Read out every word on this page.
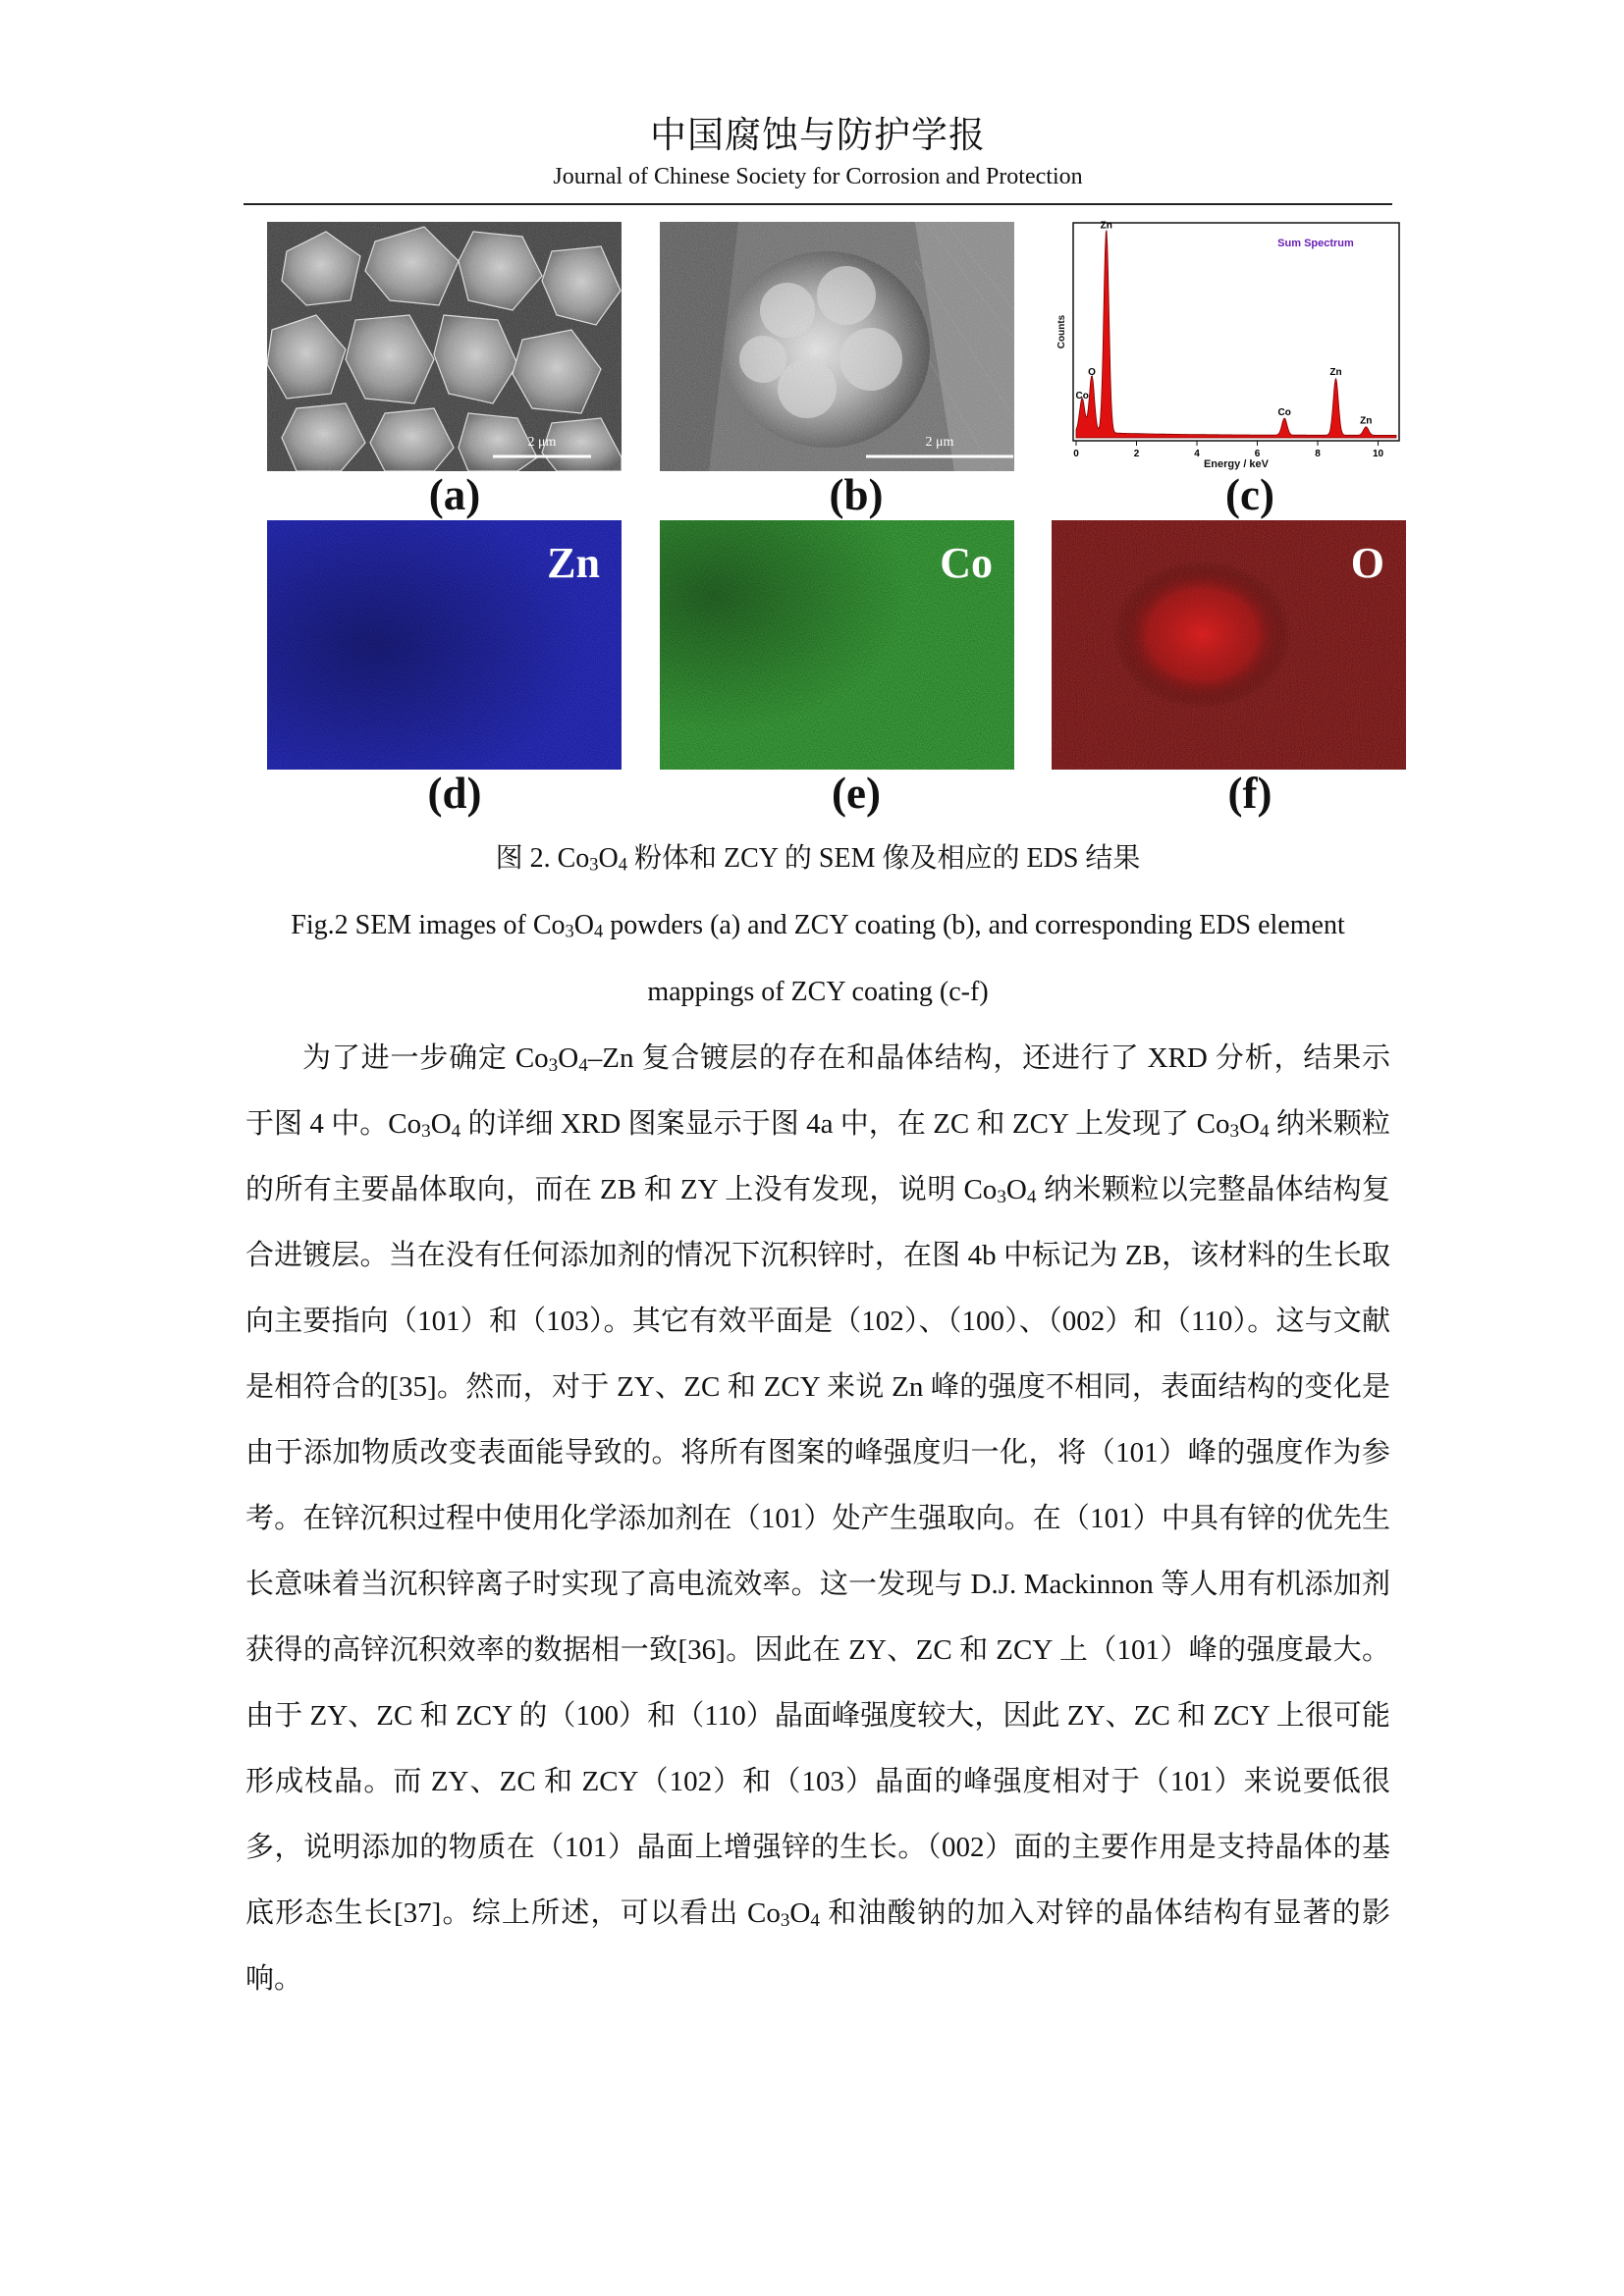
中国腐蚀与防护学报
Journal of Chinese Society for Corrosion and Protection
2 μm
(a)
2 μm
(b)
Sum Spectrum
Counts
Energy / keV
0	2	4	6	8	10
Co
O
Zn
Co
Zn
Zn
(c)
Zn
(d)
Co
(e)
O
(f)
图 2. $Co_3O_4$ 粉体和 ZCY 的 SEM 像及相应的 EDS 结果
Fig.2 SEM images of $Co_3O_4$ powders (a) and ZCY coating (b), and corresponding EDS element
mappings of ZCY coating (c-f)

为了进一步确定 Co3O4–Zn 复合镀层的存在和晶体结构，还进行了 XRD 分析，结果示于图 4 中。Co3O4 的详细 XRD 图案显示于图 4a 中，在 ZC 和 ZCY 上发现了 Co3O4 纳米颗粒的所有主要晶体取向，而在 ZB 和 ZY 上没有发现，说明 Co3O4 纳米颗粒以完整晶体结构复合进镀层。当在没有任何添加剂的情况下沉积锌时，在图 4b 中标记为 ZB，该材料的生长取向主要指向（101）和（103）。其它有效平面是（102）、（100）、（002）和（110）。这与文献是相符合的[35]。然而，对于 ZY、ZC 和 ZCY 来说 Zn 峰的强度不相同，表面结构的变化是由于添加物质改变表面能导致的。将所有图案的峰强度归一化，将（101）峰的强度作为参考。在锌沉积过程中使用化学添加剂在（101）处产生强取向。在（101）中具有锌的优先生长意味着当沉积锌离子时实现了高电流效率。这一发现与 D.J. Mackinnon 等人用有机添加剂获得的高锌沉积效率的数据相一致[36]。因此在 ZY、ZC 和 ZCY 上（101）峰的强度最大。由于 ZY、ZC 和 ZCY 的（100）和（110）晶面峰强度较大，因此 ZY、ZC 和 ZCY 上很可能形成枝晶。而 ZY、ZC 和 ZCY（102）和（103）晶面的峰强度相对于（101）来说要低很多，说明添加的物质在（101）晶面上增强锌的生长。（002）面的主要作用是支持晶体的基底形态生长[37]。综上所述，可以看出 Co3O4 和油酸钠的加入对锌的晶体结构有显著的影响。
